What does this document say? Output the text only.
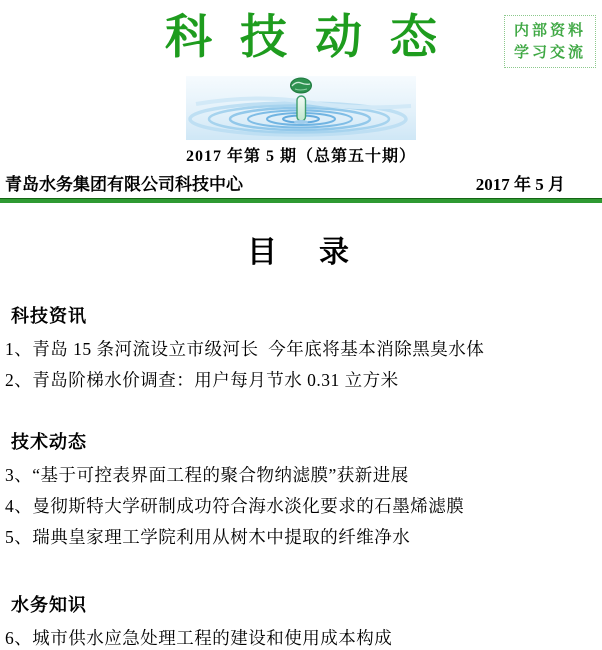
内部资料
学习交流
科技动态
2017 年第 5 期（总第五十期）
青岛水务集团有限公司科技中心	2017 年 5 月
目　录
科技资讯
1、青岛 15 条河流设立市级河长  今年底将基本消除黑臭水体
2、青岛阶梯水价调查：用户每月节水 0.31 立方米
技术动态
3、“基于可控表界面工程的聚合物纳滤膜”获新进展
4、曼彻斯特大学研制成功符合海水淡化要求的石墨烯滤膜
5、瑞典皇家理工学院利用从树木中提取的纤维净水
水务知识
6、城市供水应急处理工程的建设和使用成本构成
